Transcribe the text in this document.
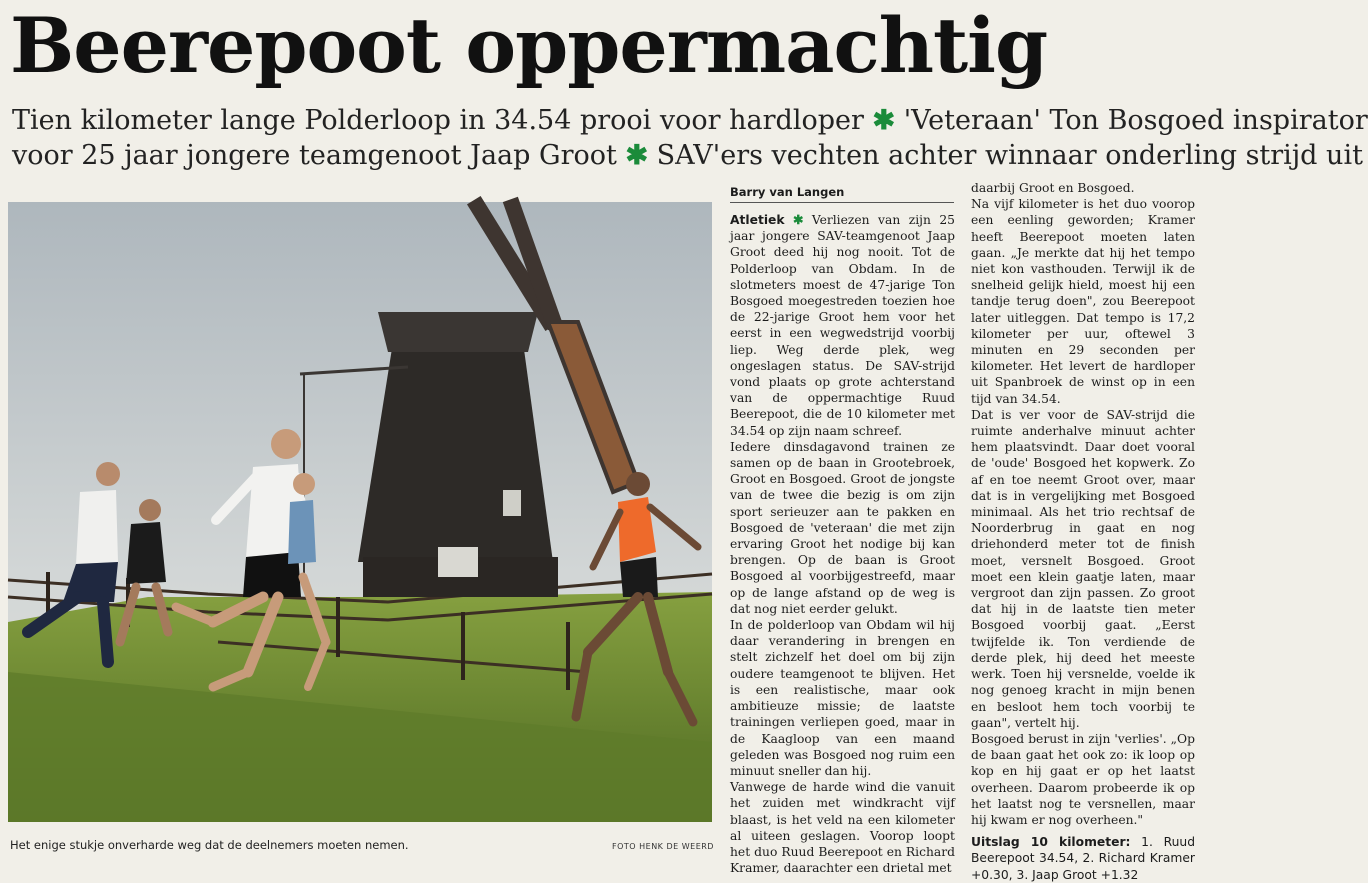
Beerepoot oppermachtig
Tien kilometer lange Polderloop in 34.54 prooi voor hardloper ✱ 'Veteraan' Ton Bosgoed inspirator
voor 25 jaar jongere teamgenoot Jaap Groot ✱ SAV'ers vechten achter winnaar onderling strijd uit
Het enige stukje onverharde weg dat de deelnemers moeten nemen.	FOTO HENK DE WEERD
Barry van Langen

Atletiek ✱ Verliezen van zijn 25 jaar jongere SAV-teamgenoot Jaap Groot deed hij nog nooit. Tot de Polderloop van Obdam. In de slotmeters moest de 47-jarige Ton Bosgoed moegestreden toezien hoe de 22-jarige Groot hem voor het eerst in een wegwedstrijd voorbij liep. Weg derde plek, weg ongeslagen status. De SAV-strijd vond plaats op grote achterstand van de oppermachtige Ruud Beerepoot, die de 10 kilometer met 34.54 op zijn naam schreef.

Iedere dinsdagavond trainen ze samen op de baan in Grootebroek, Groot en Bosgoed. Groot de jongste van de twee die bezig is om zijn sport serieuzer aan te pakken en Bosgoed de 'veteraan' die met zijn ervaring Groot het nodige bij kan brengen. Op de baan is Groot Bosgoed al voorbijgestreefd, maar op de lange afstand op de weg is dat nog niet eerder gelukt.

In de polderloop van Obdam wil hij daar verandering in brengen en stelt zichzelf het doel om bij zijn oudere teamgenoot te blijven. Het is een realistische, maar ook ambitieuze missie; de laatste trainingen verliepen goed, maar in de Kaagloop van een maand geleden was Bosgoed nog ruim een minuut sneller dan hij.

Vanwege de harde wind die vanuit het zuiden met windkracht vijf blaast, is het veld na een kilometer al uiteen geslagen. Voorop loopt het duo Ruud Beerepoot en Richard Kramer, daarachter een drietal met

daarbij Groot en Bosgoed.

Na vijf kilometer is het duo voorop een eenling geworden; Kramer heeft Beerepoot moeten laten gaan. „Je merkte dat hij het tempo niet kon vasthouden. Terwijl ik de snelheid gelijk hield, moest hij een tandje terug doen", zou Beerepoot later uitleggen. Dat tempo is 17,2 kilometer per uur, oftewel 3 minuten en 29 seconden per kilometer. Het levert de hardloper uit Spanbroek de winst op in een tijd van 34.54.

Dat is ver voor de SAV-strijd die ruimte anderhalve minuut achter hem plaatsvindt. Daar doet vooral de 'oude' Bosgoed het kopwerk. Zo af en toe neemt Groot over, maar dat is in vergelijking met Bosgoed minimaal. Als het trio rechtsaf de Noorderbrug in gaat en nog driehonderd meter tot de finish moet, versnelt Bosgoed. Groot moet een klein gaatje laten, maar vergroot dan zijn passen. Zo groot dat hij in de laatste tien meter Bosgoed voorbij gaat. „Eerst twijfelde ik. Ton verdiende de derde plek, hij deed het meeste werk. Toen hij versnelde, voelde ik nog genoeg kracht in mijn benen en besloot hem toch voorbij te gaan", vertelt hij.

Bosgoed berust in zijn 'verlies'. „Op de baan gaat het ook zo: ik loop op kop en hij gaat er op het laatst overheen. Daarom probeerde ik op het laatst nog te versnellen, maar hij kwam er nog overheen."

Uitslag 10 kilometer: 1. Ruud Beerepoot 34.54, 2. Richard Kramer +0.30, 3. Jaap Groot +1.32
